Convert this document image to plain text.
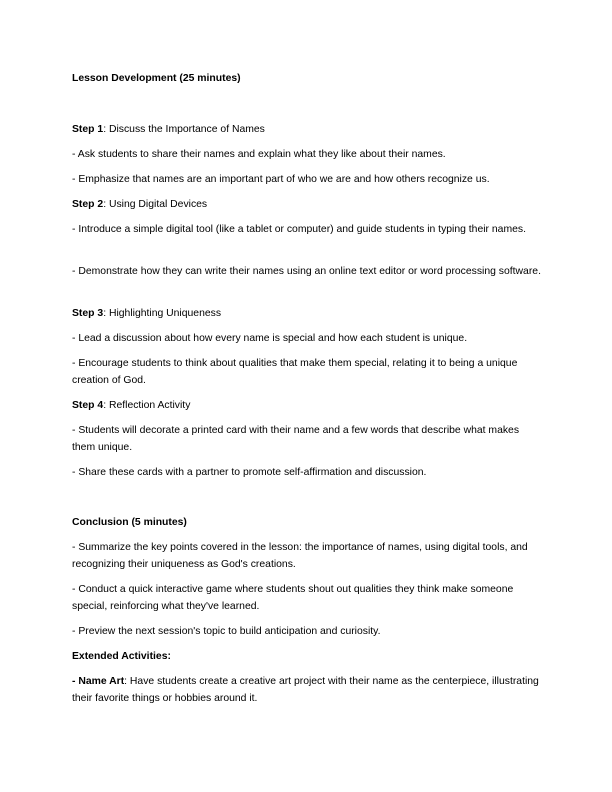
Lesson Development (25 minutes)

Step 1: Discuss the Importance of Names

- Ask students to share their names and explain what they like about their names.

- Emphasize that names are an important part of who we are and how others recognize us.

Step 2: Using Digital Devices

- Introduce a simple digital tool (like a tablet or computer) and guide students in typing their names.

- Demonstrate how they can write their names using an online text editor or word processing software.

Step 3: Highlighting Uniqueness

- Lead a discussion about how every name is special and how each student is unique.

- Encourage students to think about qualities that make them special, relating it to being a unique creation of God.

Step 4: Reflection Activity

- Students will decorate a printed card with their name and a few words that describe what makes them unique.

- Share these cards with a partner to promote self-affirmation and discussion.

Conclusion (5 minutes)

- Summarize the key points covered in the lesson: the importance of names, using digital tools, and recognizing their uniqueness as God's creations.

- Conduct a quick interactive game where students shout out qualities they think make someone special, reinforcing what they've learned.

- Preview the next session's topic to build anticipation and curiosity.

Extended Activities:

- Name Art: Have students create a creative art project with their name as the centerpiece, illustrating their favorite things or hobbies around it.
